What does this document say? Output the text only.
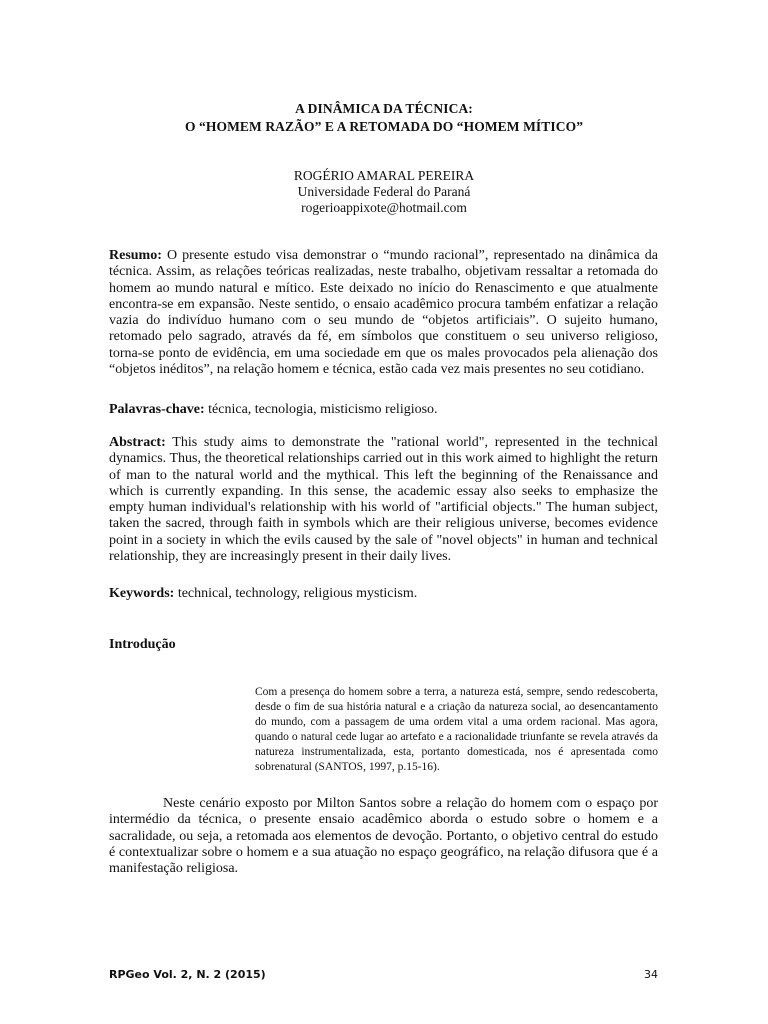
A DINÂMICA DA TÉCNICA:
O “HOMEM RAZÃO” E A RETOMADA DO “HOMEM MÍTICO”
ROGÉRIO AMARAL PEREIRA
Universidade Federal do Paraná
rogerioappixote@hotmail.com

Resumo: O presente estudo visa demonstrar o “mundo racional”, representado na dinâmica da técnica. Assim, as relações teóricas realizadas, neste trabalho, objetivam ressaltar a retomada do homem ao mundo natural e mítico. Este deixado no início do Renascimento e que atualmente encontra-se em expansão. Neste sentido, o ensaio acadêmico procura também enfatizar a relação vazia do indivíduo humano com o seu mundo de “objetos artificiais”. O sujeito humano, retomado pelo sagrado, através da fé, em símbolos que constituem o seu universo religioso, torna-se ponto de evidência, em uma sociedade em que os males provocados pela alienação dos “objetos inéditos”, na relação homem e técnica, estão cada vez mais presentes no seu cotidiano.

Palavras-chave: técnica, tecnologia, misticismo religioso.

Abstract: This study aims to demonstrate the "rational world", represented in the technical dynamics. Thus, the theoretical relationships carried out in this work aimed to highlight the return of man to the natural world and the mythical. This left the beginning of the Renaissance and which is currently expanding. In this sense, the academic essay also seeks to emphasize the empty human individual's relationship with his world of "artificial objects." The human subject, taken the sacred, through faith in symbols which are their religious universe, becomes evidence point in a society in which the evils caused by the sale of "novel objects" in human and technical relationship, they are increasingly present in their daily lives.

Keywords: technical, technology, religious mysticism.

Introdução

Com a presença do homem sobre a terra, a natureza está, sempre, sendo redescoberta, desde o fim de sua história natural e a criação da natureza social, ao desencantamento do mundo, com a passagem de uma ordem vital a uma ordem racional. Mas agora, quando o natural cede lugar ao artefato e a racionalidade triunfante se revela através da natureza instrumentalizada, esta, portanto domesticada, nos é apresentada como sobrenatural (SANTOS, 1997, p.15-16).

Neste cenário exposto por Milton Santos sobre a relação do homem com o espaço por intermédio da técnica, o presente ensaio acadêmico aborda o estudo sobre o homem e a sacralidade, ou seja, a retomada aos elementos de devoção. Portanto, o objetivo central do estudo é contextualizar sobre o homem e a sua atuação no espaço geográfico, na relação difusora que é a manifestação religiosa.

RPGeo Vol. 2, N. 2 (2015)	34
